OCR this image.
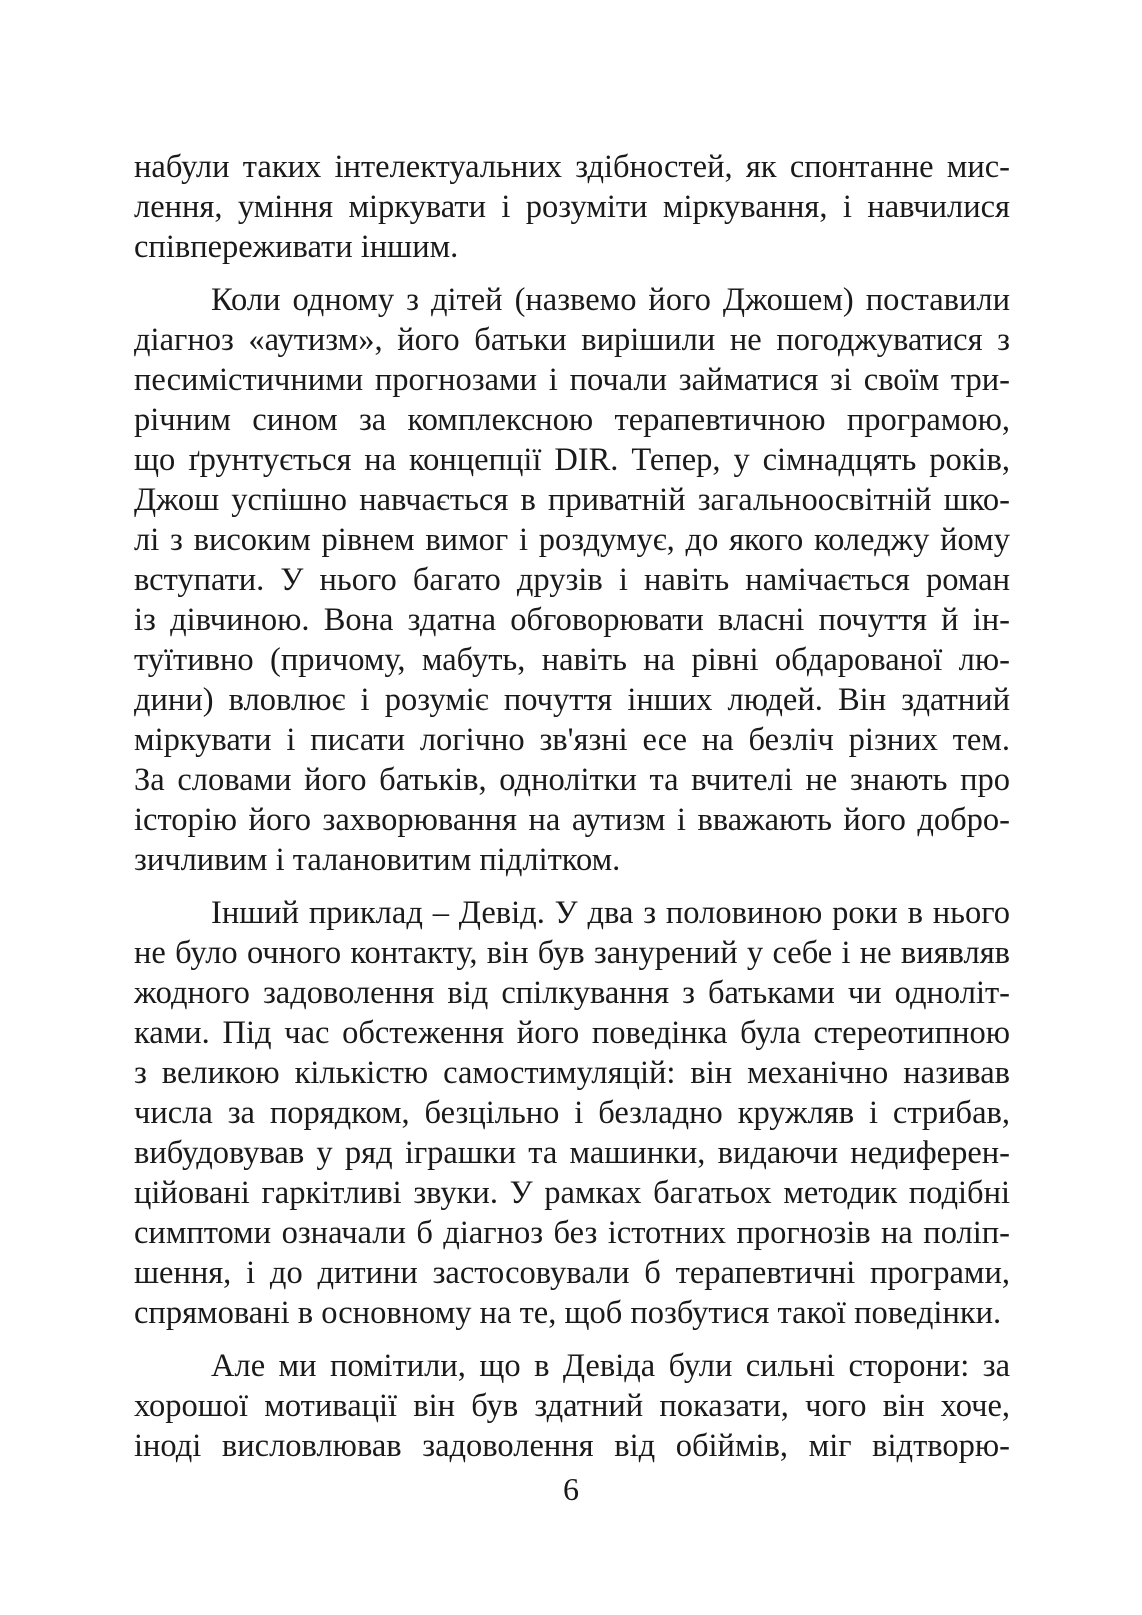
набули таких інтелектуальних здібностей, як спонтанне мис-
лення, уміння міркувати і розуміти міркування, і навчилися
співпереживати іншим.

Коли одному з дітей (назвемо його Джошем) поставили
діагноз «аутизм», його батьки вирішили не погоджуватися з
песимістичними прогнозами і почали займатися зі своїм три-
річним сином за комплексною терапевтичною програмою,
що ґрунтується на концепції DIR. Тепер, у сімнадцять років,
Джош успішно навчається в приватній загальноосвітній шко-
лі з високим рівнем вимог і роздумує, до якого коледжу йому
вступати. У нього багато друзів і навіть намічається роман
із дівчиною. Вона здатна обговорювати власні почуття й ін-
туїтивно (причому, мабуть, навіть на рівні обдарованої лю-
дини) вловлює і розуміє почуття інших людей. Він здатний
міркувати і писати логічно зв'язні есе на безліч різних тем.
За словами його батьків, однолітки та вчителі не знають про
історію його захворювання на аутизм і вважають його добро-
зичливим і талановитим підлітком.

Інший приклад – Девід. У два з половиною роки в нього
не було очного контакту, він був занурений у себе і не виявляв
жодного задоволення від спілкування з батьками чи одноліт-
ками. Під час обстеження його поведінка була стереотипною
з великою кількістю самостимуляцій: він механічно називав
числа за порядком, безцільно і безладно кружляв і стрибав,
вибудовував у ряд іграшки та машинки, видаючи недиферен-
ційовані гаркітливі звуки. У рамках багатьох методик подібні
симптоми означали б діагноз без істотних прогнозів на поліп-
шення, і до дитини застосовували б терапевтичні програми,
спрямовані в основному на те, щоб позбутися такої поведінки.

Але ми помітили, що в Девіда були сильні сторони: за
хорошої мотивації він був здатний показати, чого він хоче,
іноді висловлював задоволення від обіймів, міг відтворю-

6
